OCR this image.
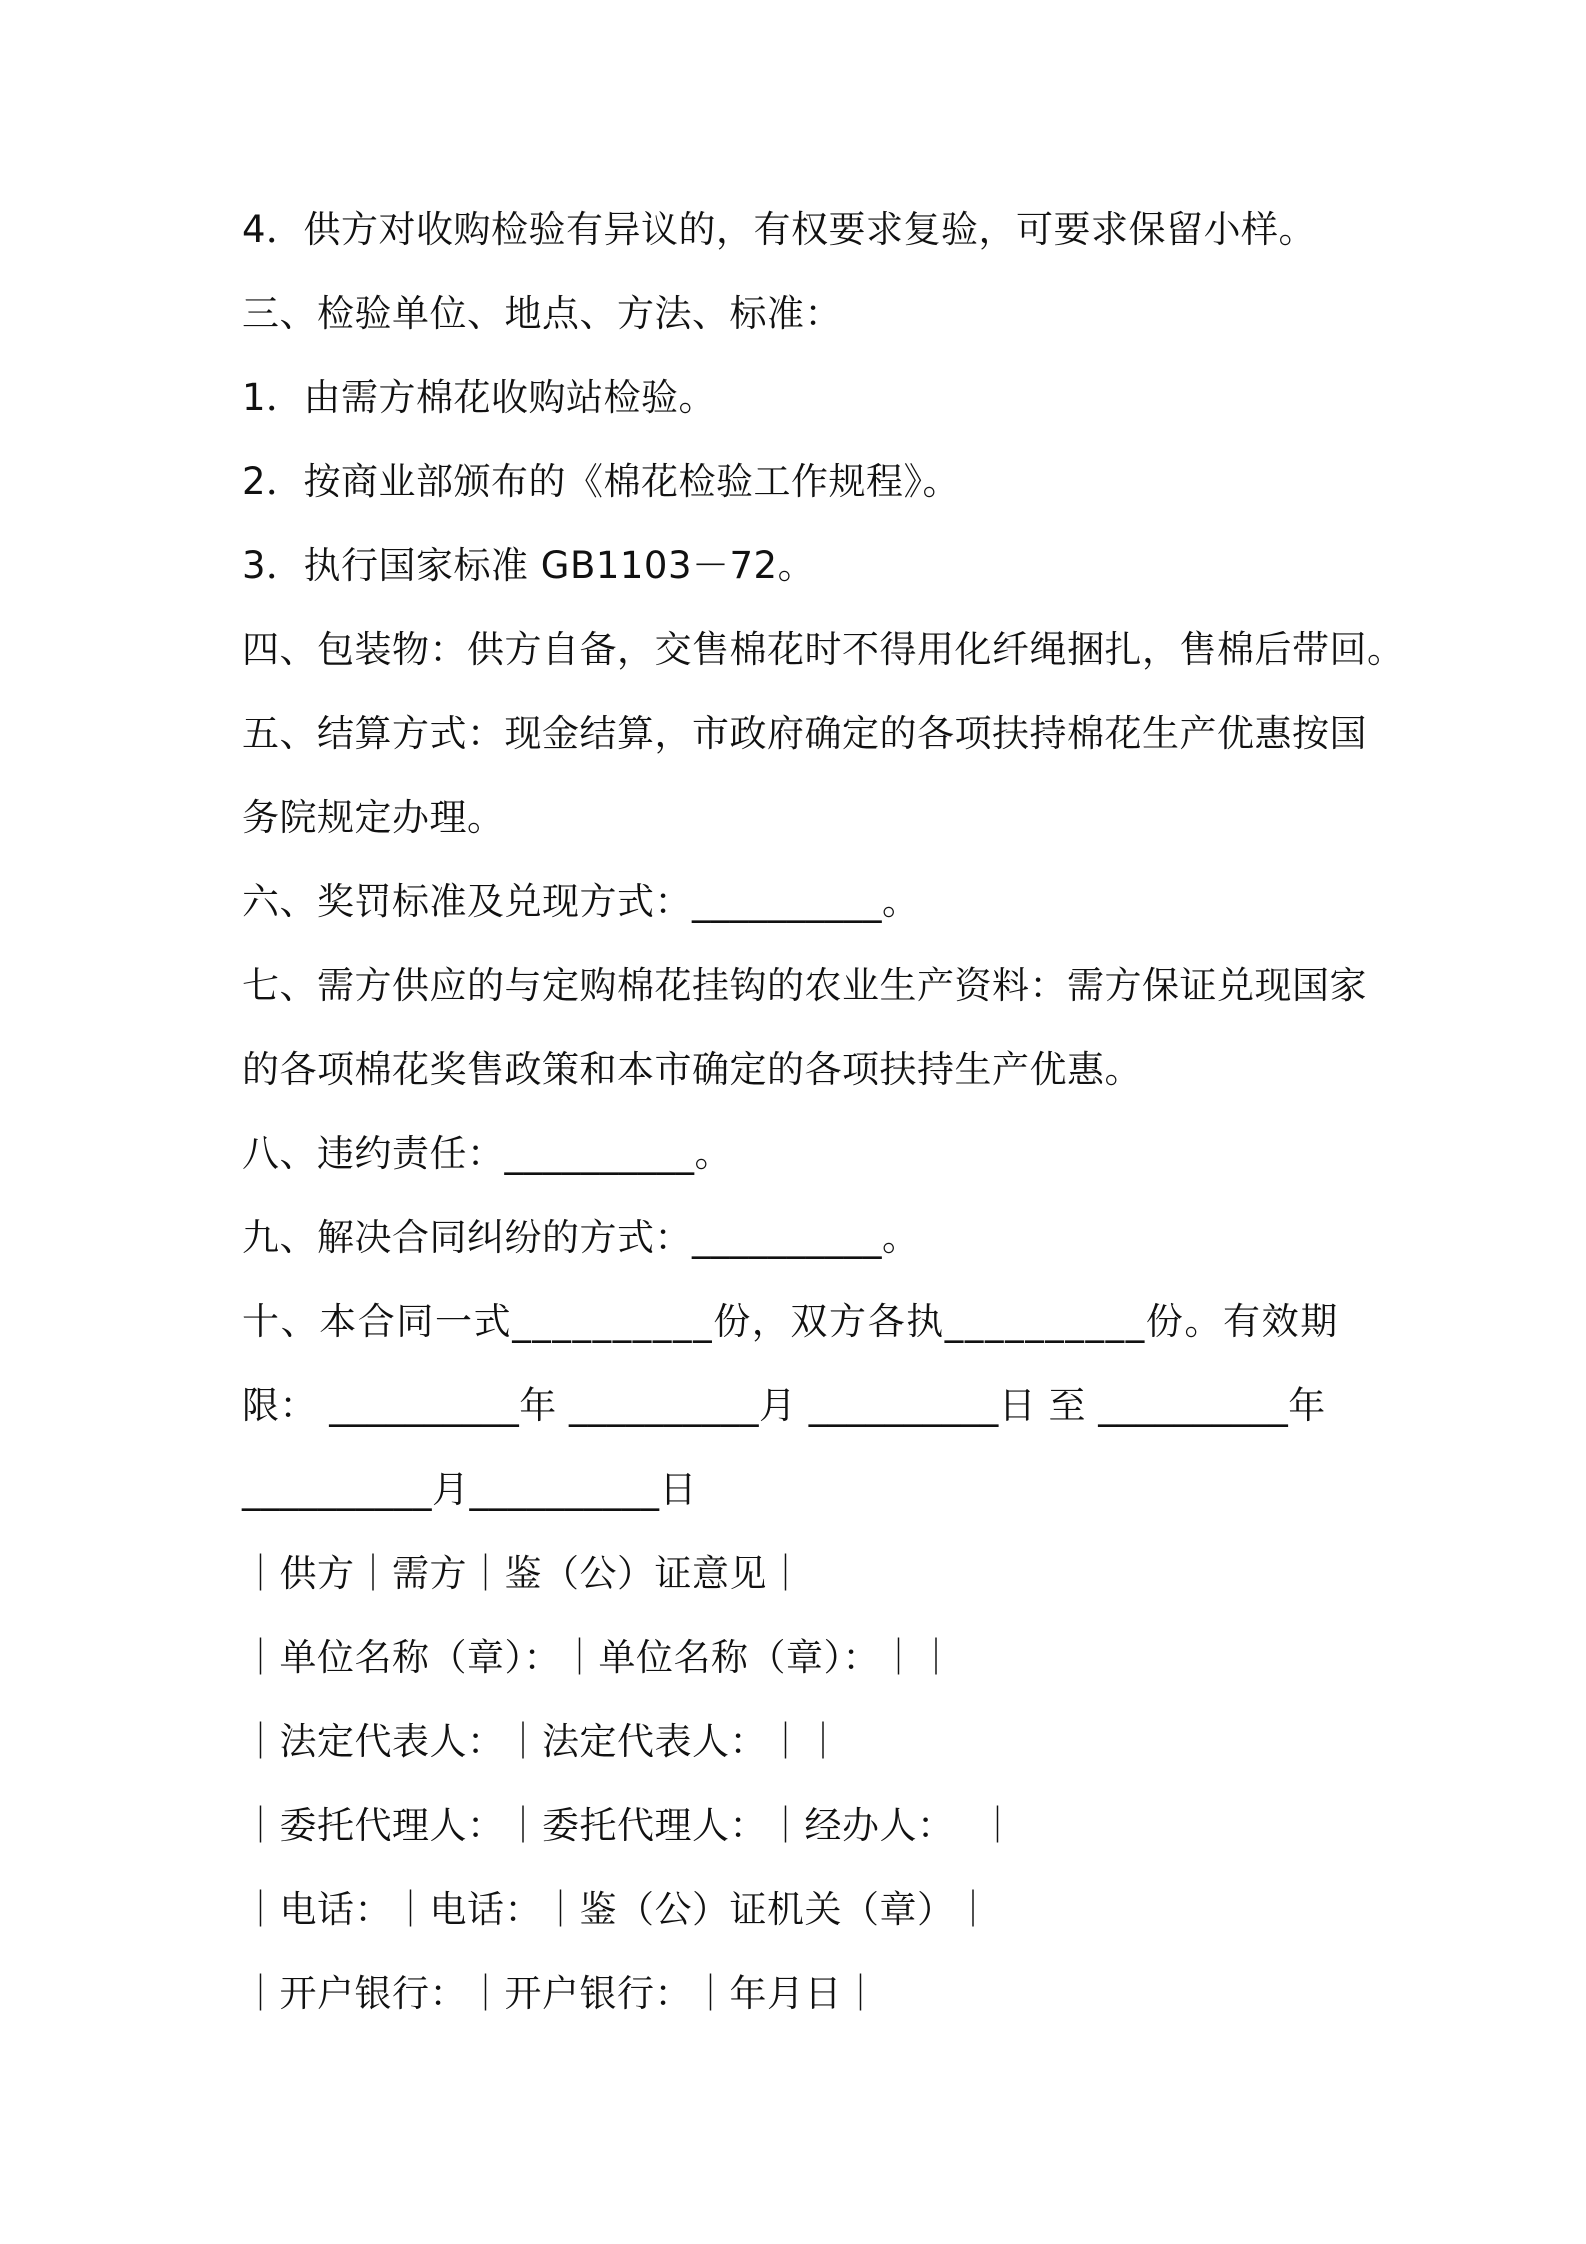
4．供方对收购检验有异议的，有权要求复验，可要求保留小样。
三、检验单位、地点、方法、标准：
1．由需方棉花收购站检验。
2．按商业部颁布的《棉花检验工作规程》。
3．执行国家标准 GB1103－72。
四、包装物：供方自备，交售棉花时不得用化纤绳捆扎，售棉后带回。
五、结算方式：现金结算，市政府确定的各项扶持棉花生产优惠按国
务院规定办理。
六、奖罚标准及兑现方式：__________。
七、需方供应的与定购棉花挂钩的农业生产资料：需方保证兑现国家
的各项棉花奖售政策和本市确定的各项扶持生产优惠。
八、违约责任：__________。
九、解决合同纠纷的方式：__________。
十、本合同一式__________份，双方各执__________份。有效期
限： __________年 __________月 __________日 至 __________年
__________月__________日
｜供方｜需方｜鉴（公）证意见｜
｜单位名称（章）：｜单位名称（章）：｜｜
｜法定代表人：｜法定代表人：｜｜
｜委托代理人：｜委托代理人：｜经办人：  ｜
｜电话：｜电话：｜鉴（公）证机关（章）｜
｜开户银行：｜开户银行：｜年月日｜
